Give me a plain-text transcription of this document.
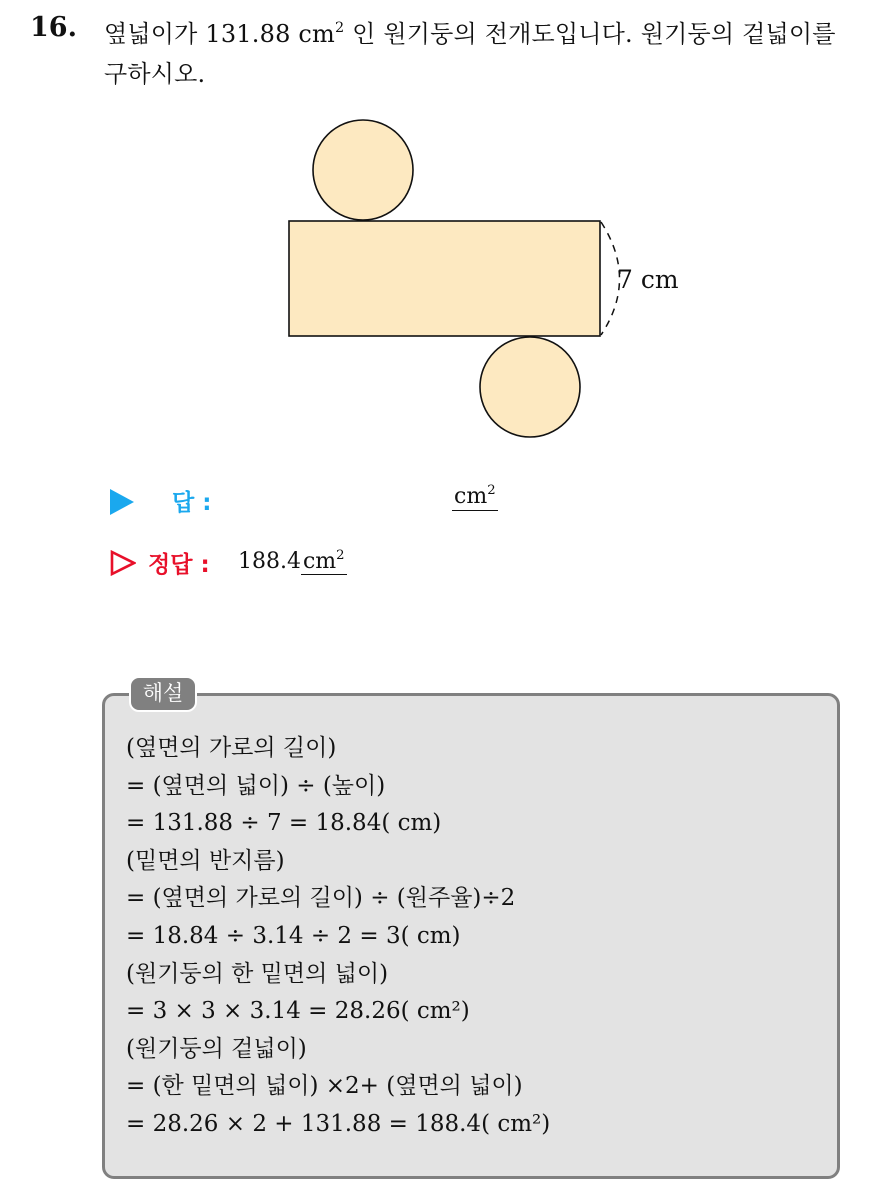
16. 옆넓이가 131.88 $cm^2$ 인 원기둥의 전개도입니다. 원기둥의 겉넓이를
구하시오.
7 cm
답 :	$cm^2$
정답 : $188.4cm^2$
해설
(옆면의 가로의 길이)
= (옆면의 넓이) ÷ (높이)
= 131.88 ÷ 7 = 18.84( cm)
(밑면의 반지름)
= (옆면의 가로의 길이) ÷ (원주율)÷2
= 18.84 ÷ 3.14 ÷ 2 = 3( cm)
(원기둥의 한 밑면의 넓이)
= 3 × 3 × 3.14 = 28.26( cm²)
(원기둥의 겉넓이)
= (한 밑면의 넓이) ×2+ (옆면의 넓이)
= 28.26 × 2 + 131.88 = 188.4( cm²)
